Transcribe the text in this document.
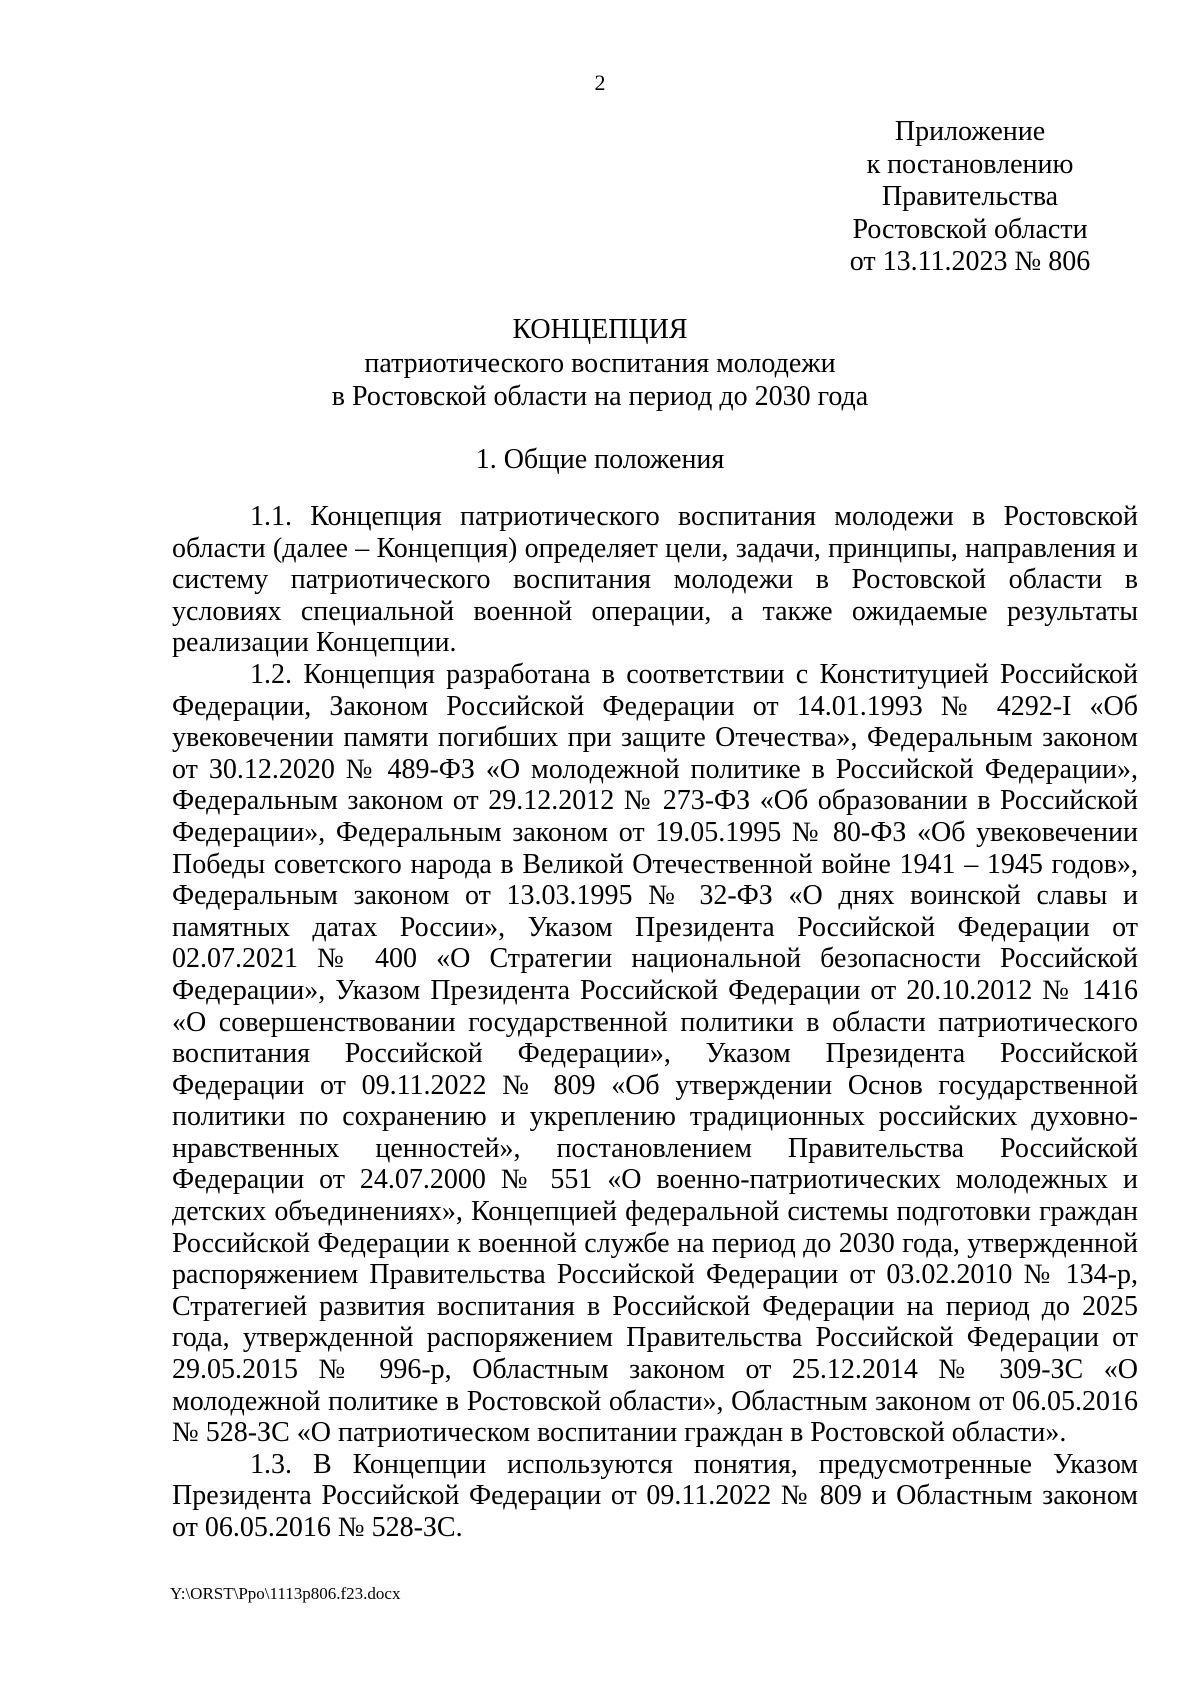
2
Приложение
к постановлению
Правительства
Ростовской области
от 13.11.2023 № 806
КОНЦЕПЦИЯ
патриотического воспитания молодежи
в Ростовской области на период до 2030 года
1. Общие положения

1.1. Концепция патриотического воспитания молодежи в Ростовской области (далее – Концепция) определяет цели, задачи, принципы, направления и систему патриотического воспитания молодежи в Ростовской области в условиях специальной военной операции, а также ожидаемые результаты реализации Концепции.

1.2. Концепция разработана в соответствии с Конституцией Российской Федерации, Законом Российской Федерации от 14.01.1993 № 4292-I «Об увековечении памяти погибших при защите Отечества», Федеральным законом от 30.12.2020 № 489-ФЗ «О молодежной политике в Российской Федерации», Федеральным законом от 29.12.2012 № 273-ФЗ «Об образовании в Российской Федерации», Федеральным законом от 19.05.1995 № 80-ФЗ «Об увековечении Победы советского народа в Великой Отечественной войне 1941 – 1945 годов», Федеральным законом от 13.03.1995 № 32-ФЗ «О днях воинской славы и памятных датах России», Указом Президента Российской Федерации от 02.07.2021 № 400 «О Стратегии национальной безопасности Российской Федерации», Указом Президента Российской Федерации от 20.10.2012 № 1416 «О совершенствовании государственной политики в области патриотического воспитания Российской Федерации», Указом Президента Российской Федерации от 09.11.2022 № 809 «Об утверждении Основ государственной политики по сохранению и укреплению традиционных российских духовно-нравственных ценностей», постановлением Правительства Российской Федерации от 24.07.2000 № 551 «О военно-патриотических молодежных и детских объединениях», Концепцией федеральной системы подготовки граждан Российской Федерации к военной службе на период до 2030 года, утвержденной распоряжением Правительства Российской Федерации от 03.02.2010 № 134-р, Стратегией развития воспитания в Российской Федерации на период до 2025 года, утвержденной распоряжением Правительства Российской Федерации от 29.05.2015 № 996-р, Областным законом от 25.12.2014 № 309-ЗС «О молодежной политике в Ростовской области», Областным законом от 06.05.2016 № 528-ЗС «О патриотическом воспитании граждан в Ростовской области».

1.3. В Концепции используются понятия, предусмотренные Указом Президента Российской Федерации от 09.11.2022 № 809 и Областным законом от 06.05.2016 № 528-ЗС.

Y:\ORST\Ppo\1113p806.f23.docx
